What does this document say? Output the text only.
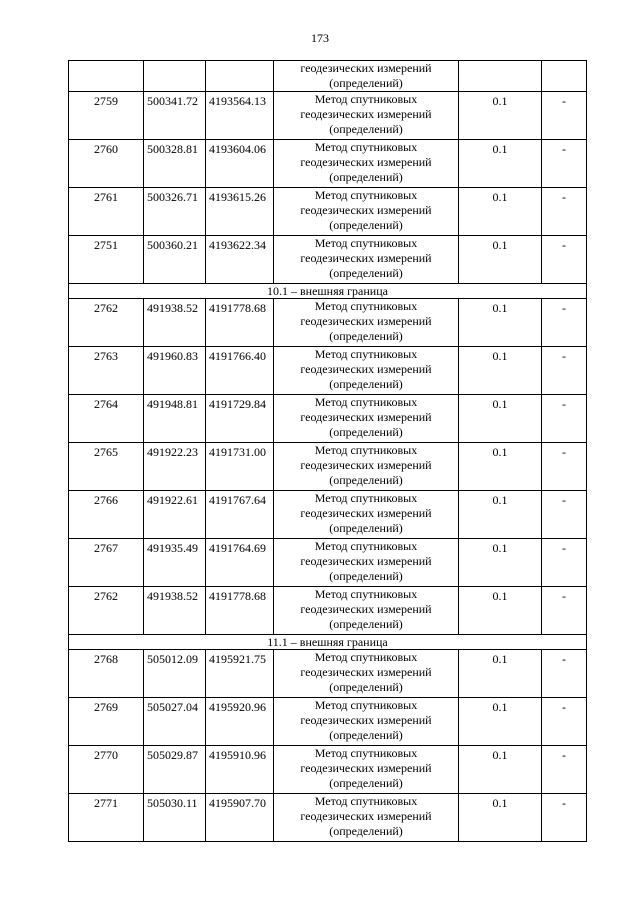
173

			геодезических измерений
(определений)		

2759	500341.72	4193564.13	Метод спутниковых
геодезических измерений
(определений)	0.1	-
2760	500328.81	4193604.06	Метод спутниковых
геодезических измерений
(определений)	0.1	-
2761	500326.71	4193615.26	Метод спутниковых
геодезических измерений
(определений)	0.1	-
2751	500360.21	4193622.34	Метод спутниковых
геодезических измерений
(определений)	0.1	-
10.1 – внешняя граница					
2762	491938.52	4191778.68	Метод спутниковых
геодезических измерений
(определений)	0.1	-
2763	491960.83	4191766.40	Метод спутниковых
геодезических измерений
(определений)	0.1	-
2764	491948.81	4191729.84	Метод спутниковых
геодезических измерений
(определений)	0.1	-
2765	491922.23	4191731.00	Метод спутниковых
геодезических измерений
(определений)	0.1	-
2766	491922.61	4191767.64	Метод спутниковых
геодезических измерений
(определений)	0.1	-
2767	491935.49	4191764.69	Метод спутниковых
геодезических измерений
(определений)	0.1	-
2762	491938.52	4191778.68	Метод спутниковых
геодезических измерений
(определений)	0.1	-
11.1 – внешняя граница					
2768	505012.09	4195921.75	Метод спутниковых
геодезических измерений
(определений)	0.1	-
2769	505027.04	4195920.96	Метод спутниковых
геодезических измерений
(определений)	0.1	-
2770	505029.87	4195910.96	Метод спутниковых
геодезических измерений
(определений)	0.1	-
2771	505030.11	4195907.70	Метод спутниковых
геодезических измерений
(определений)	0.1	-
